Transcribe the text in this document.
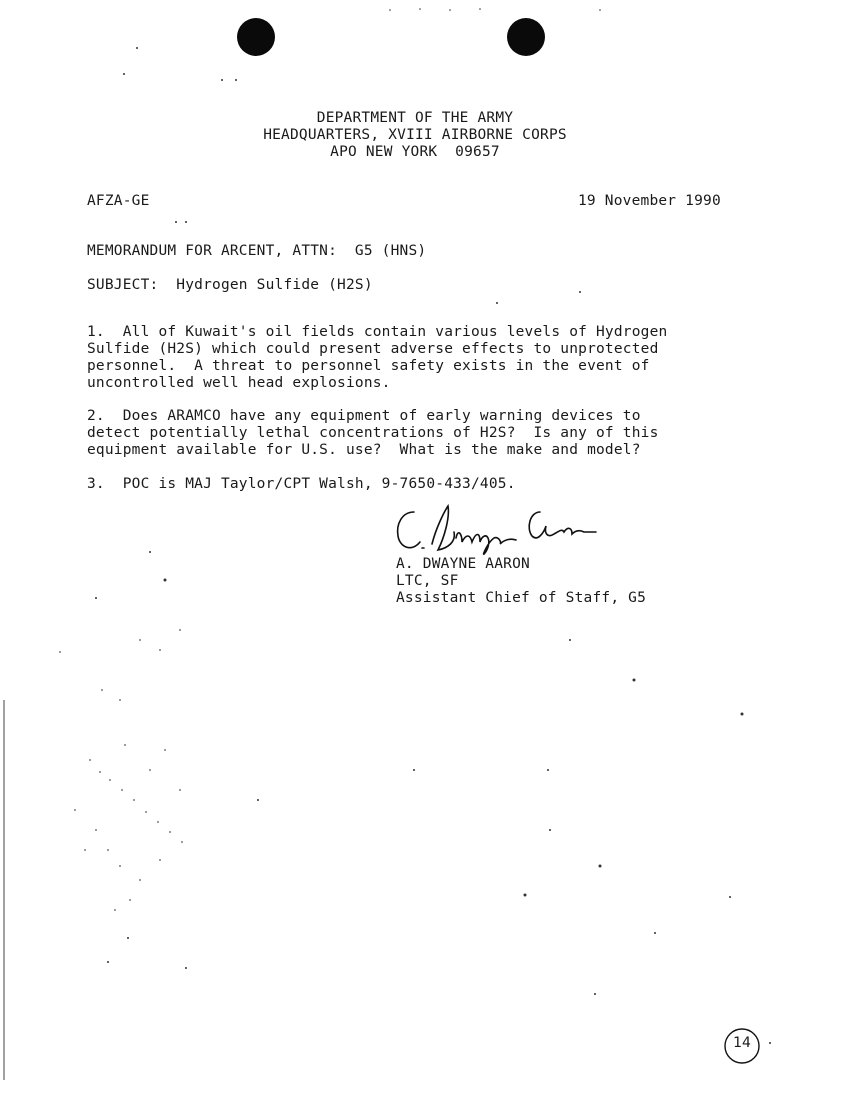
DEPARTMENT OF THE ARMY
HEADQUARTERS, XVIII AIRBORNE CORPS
APO NEW YORK  09657
AFZA-GE	19 November 1990
MEMORANDUM FOR ARCENT, ATTN:  G5 (HNS)
SUBJECT:  Hydrogen Sulfide (H2S)
1.  All of Kuwait's oil fields contain various levels of Hydrogen
Sulfide (H2S) which could present adverse effects to unprotected
personnel.  A threat to personnel safety exists in the event of
uncontrolled well head explosions.
2.  Does ARAMCO have any equipment of early warning devices to
detect potentially lethal concentrations of H2S?  Is any of this
equipment available for U.S. use?  What is the make and model?
3.  POC is MAJ Taylor/CPT Walsh, 9-7650-433/405.
A. DWAYNE AARON
LTC, SF
Assistant Chief of Staff, G5
14
